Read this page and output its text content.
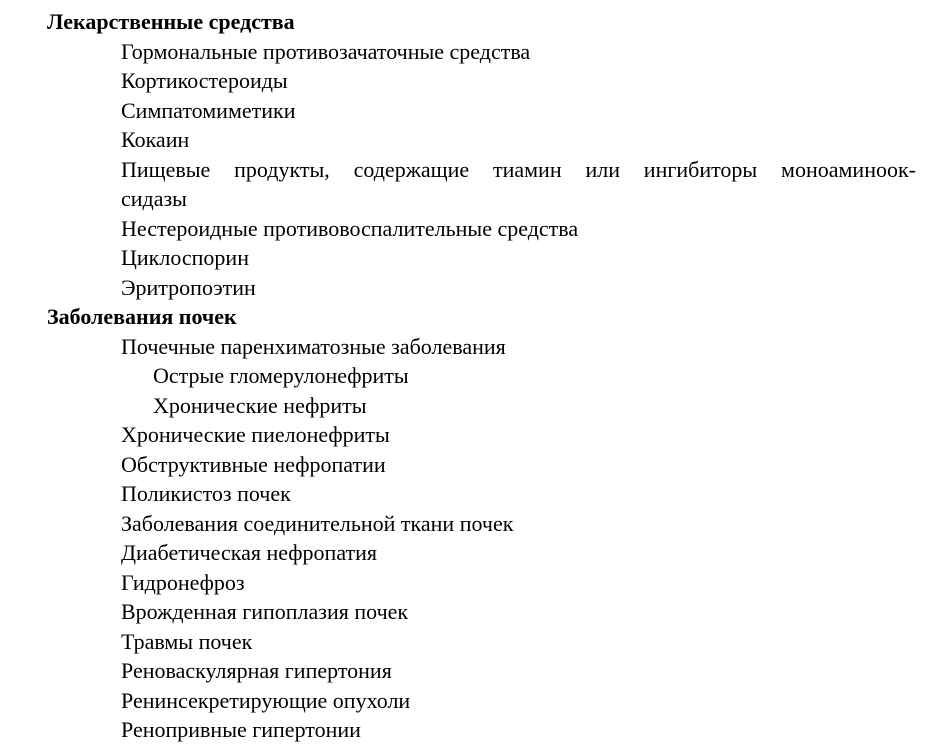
Лекарственные средства
Гормональные противозачаточные средства
Кортикостероиды
Симпатомиметики
Кокаин
Пищевые продукты, содержащие тиамин или ингибиторы моноаминоок-
сидазы
Нестероидные противовоспалительные средства
Циклоспорин
Эритропоэтин
Заболевания почек
Почечные паренхиматозные заболевания
Острые гломерулонефриты
Хронические нефриты
Хронические пиелонефриты
Обструктивные нефропатии
Поликистоз почек
Заболевания соединительной ткани почек
Диабетическая нефропатия
Гидронефроз
Врожденная гипоплазия почек
Травмы почек
Реноваскулярная гипертония
Ренинсекретирующие опухоли
Ренопривные гипертонии
